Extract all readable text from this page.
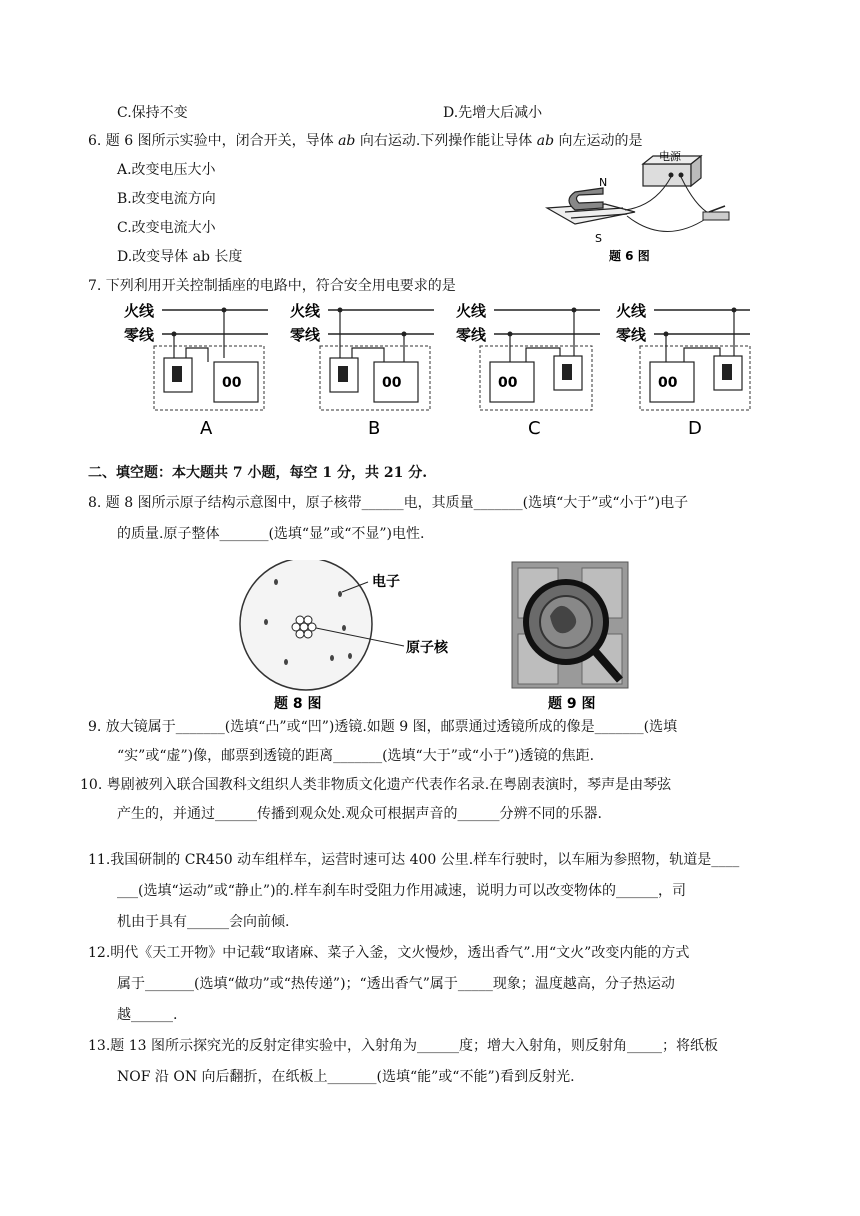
C.保持不变	D.先增大后减小
6. 题 6 图所示实验中，闭合开关，导体 ab 向右运动.下列操作能让导体 ab 向左运动的是
A.改变电压大小
B.改变电流方向
C.改变电流大小
D.改变导体 ab 长度
电源
N
S
题 6 图
7. 下列利用开关控制插座的电路中，符合安全用电要求的是
火线
零线
00
A
火线
零线
00
B
火线
零线
00
C
火线
零线
00
D
二、填空题：本大题共 7 小题，每空 1 分，共 21 分.
8. 题 8 图所示原子结构示意图中，原子核带______电，其质量_______(选填“大于”或“小于”)电子
的质量.原子整体_______(选填“显”或“不显”)电性.
电子
原子核
题 8 图	题 9 图
9. 放大镜属于_______(选填“凸”或“凹”)透镜.如题 9 图，邮票通过透镜所成的像是_______(选填
“实”或“虚”)像，邮票到透镜的距离_______(选填“大于”或“小于”)透镜的焦距.
10. 粤剧被列入联合国教科文组织人类非物质文化遗产代表作名录.在粤剧表演时，琴声是由琴弦
产生的，并通过______传播到观众处.观众可根据声音的______分辨不同的乐器.
11.我国研制的 CR450 动车组样车，运营时速可达 400 公里.样车行驶时，以车厢为参照物，轨道是____
___(选填“运动”或“静止”)的.样车刹车时受阻力作用减速，说明力可以改变物体的______，司
机由于具有______会向前倾.
12.明代《天工开物》中记载“取诸麻、菜子入釜，文火慢炒，透出香气”.用“文火”改变内能的方式
属于_______(选填“做功”或“热传递”)；“透出香气”属于_____现象；温度越高，分子热运动
越______.
13.题 13 图所示探究光的反射定律实验中，入射角为______度；增大入射角，则反射角_____；将纸板
NOF 沿 ON 向后翻折，在纸板上_______(选填“能”或“不能”)看到反射光.
